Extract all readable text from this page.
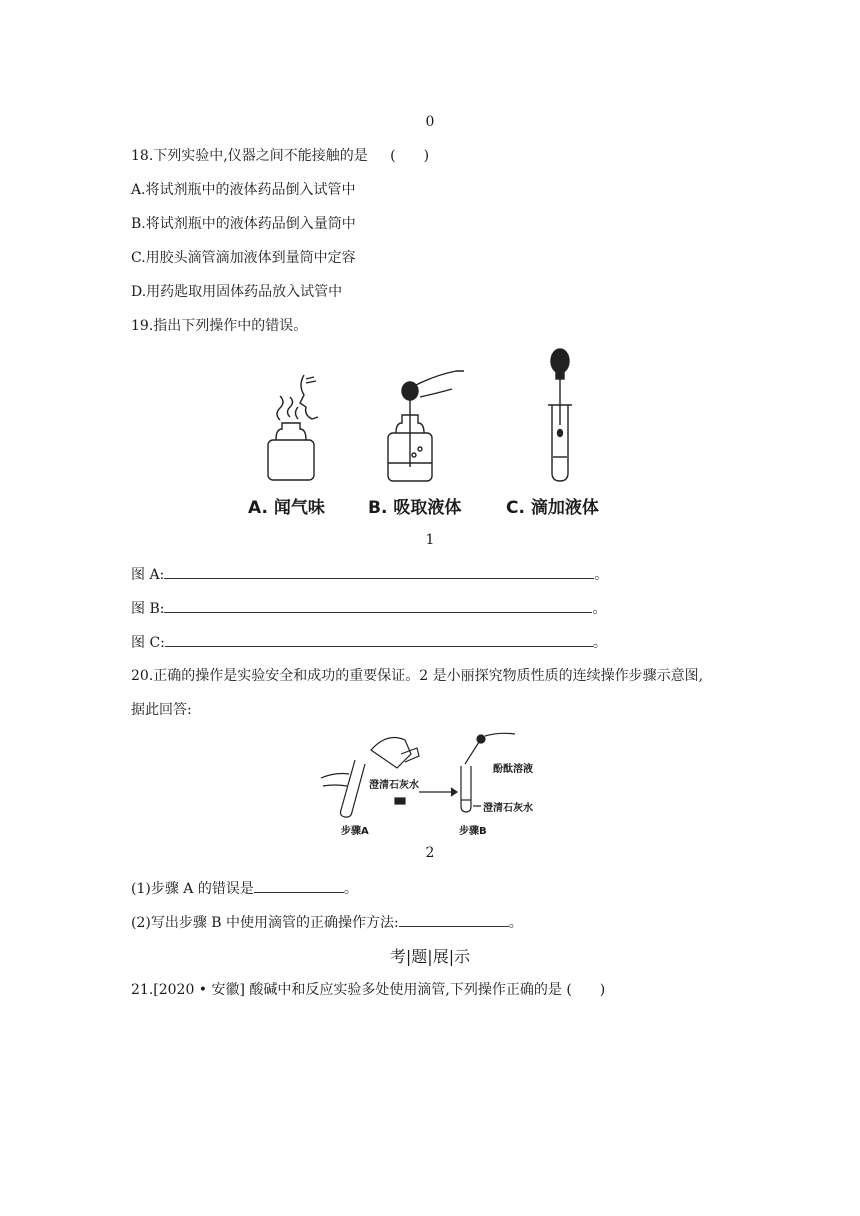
0
18.下列实验中,仪器之间不能接触的是 (　　)
A.将试剂瓶中的液体药品倒入试管中
B.将试剂瓶中的液体药品倒入量筒中
C.用胶头滴管滴加液体到量筒中定容
D.用药匙取用固体药品放入试管中
19.指出下列操作中的错误。
A. 闻气味	B. 吸取液体	C. 滴加液体
1
图 A:	。
图 B:	。
图 C:	。
20.正确的操作是实验安全和成功的重要保证。2 是小丽探究物质性质的连续操作步骤示意图,
据此回答:
澄清石灰水
酚酞溶液
澄清石灰水
步骤A	步骤B
2
(1)步骤 A 的错误是	。
(2)写出步骤 B 中使用滴管的正确操作方法:	。
考|题|展|示
21.[2020 • 安徽] 酸碱中和反应实验多处使用滴管,下列操作正确的是 (　　)
